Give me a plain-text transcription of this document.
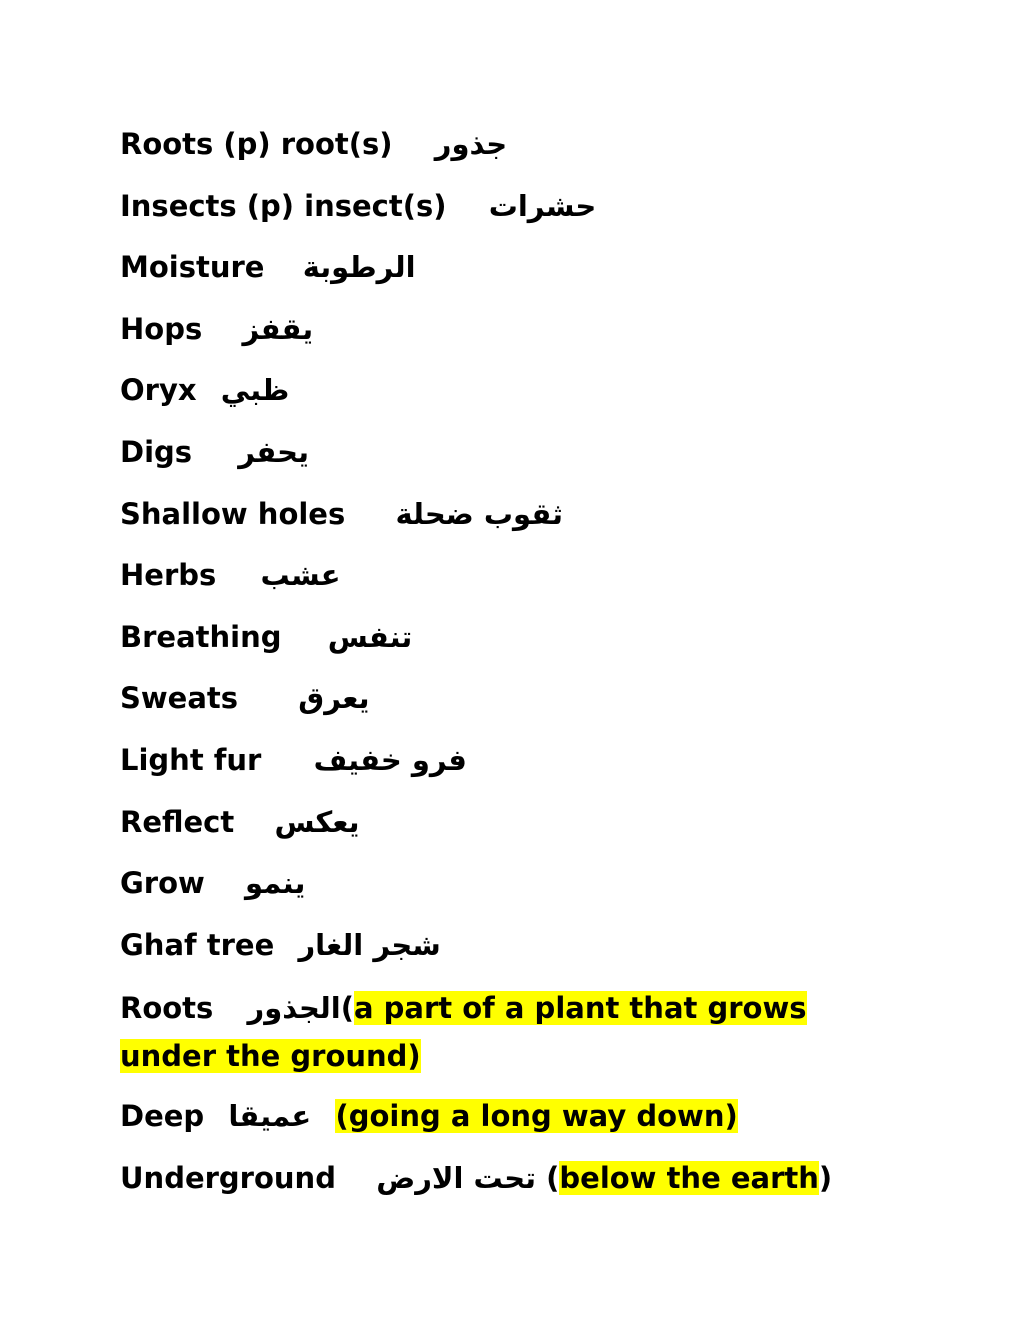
Roots (p) root(s) جذور
Insects (p) insect(s) حشرات
Moisture الرطوبة
Hops يقفز
Oryx ظبي
Digs يحفر
Shallow holes ثقوب ضحلة
Herbs عشب
Breathing تنفس
Sweats يعرق
Light fur فرو خفيف
Reflect يعكس
Grow ينمو
Ghaf tree شجر الغار
Roots الجذور(a part of a plant that grows under the ground)
Deep عميقا (going a long way down)
Underground تحت الارض (below the earth)
